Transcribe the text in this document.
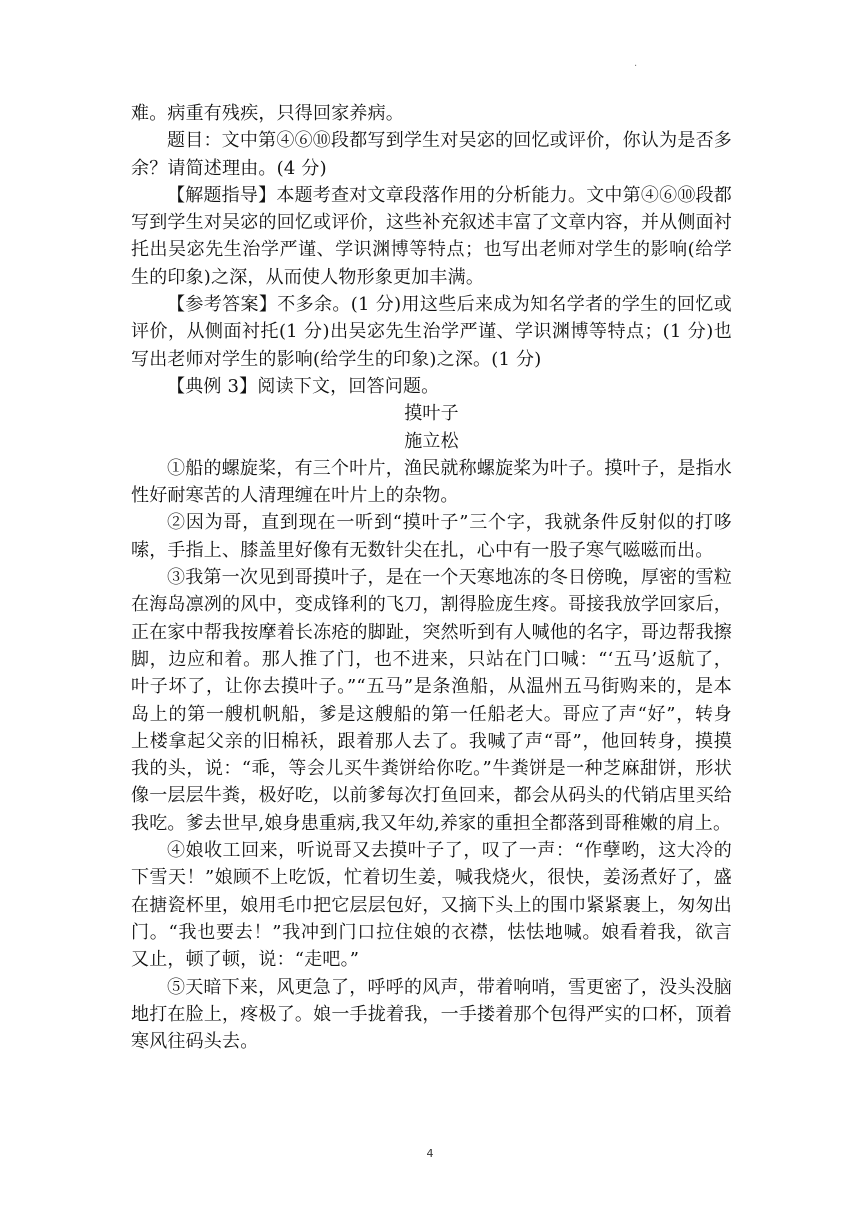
.

难。病重有残疾，只得回家养病。

题目：文中第④⑥⑩段都写到学生对吴宓的回忆或评价，你认为是否多余？请简述理由。(4 分)

【解题指导】本题考查对文章段落作用的分析能力。文中第④⑥⑩段都写到学生对吴宓的回忆或评价，这些补充叙述丰富了文章内容，并从侧面衬托出吴宓先生治学严谨、学识渊博等特点；也写出老师对学生的影响(给学生的印象)之深，从而使人物形象更加丰满。

【参考答案】不多余。(1 分)用这些后来成为知名学者的学生的回忆或评价，从侧面衬托(1 分)出吴宓先生治学严谨、学识渊博等特点；(1 分)也写出老师对学生的影响(给学生的印象)之深。(1 分)

【典例 3】阅读下文，回答问题。

摸叶子

施立松

①船的螺旋桨，有三个叶片，渔民就称螺旋桨为叶子。摸叶子，是指水性好耐寒苦的人清理缠在叶片上的杂物。

②因为哥，直到现在一听到“摸叶子”三个字，我就条件反射似的打哆嗦，手指上、膝盖里好像有无数针尖在扎，心中有一股子寒气嗞嗞而出。

③我第一次见到哥摸叶子，是在一个天寒地冻的冬日傍晚，厚密的雪粒在海岛凛冽的风中，变成锋利的飞刀，割得脸庞生疼。哥接我放学回家后，正在家中帮我按摩着长冻疮的脚趾，突然听到有人喊他的名字，哥边帮我擦脚，边应和着。那人推了门，也不进来，只站在门口喊：“‘五马’返航了，叶子坏了，让你去摸叶子。”“五马”是条渔船，从温州五马街购来的，是本岛上的第一艘机帆船，爹是这艘船的第一任船老大。哥应了声“好”，转身上楼拿起父亲的旧棉袄，跟着那人去了。我喊了声“哥”，他回转身，摸摸我的头，说：“乖，等会儿买牛粪饼给你吃。”牛粪饼是一种芝麻甜饼，形状像一层层牛粪，极好吃，以前爹每次打鱼回来，都会从码头的代销店里买给我吃。爹去世早,娘身患重病,我又年幼,养家的重担全都落到哥稚嫩的肩上。

④娘收工回来，听说哥又去摸叶子了，叹了一声：“作孽哟，这大冷的下雪天！”娘顾不上吃饭，忙着切生姜，喊我烧火，很快，姜汤煮好了，盛在搪瓷杯里，娘用毛巾把它层层包好，又摘下头上的围巾紧紧裹上，匆匆出门。“我也要去！”我冲到门口拉住娘的衣襟，怯怯地喊。娘看着我，欲言又止，顿了顿，说：“走吧。”

⑤天暗下来，风更急了，呼呼的风声，带着响哨，雪更密了，没头没脑地打在脸上，疼极了。娘一手拢着我，一手搂着那个包得严实的口杯，顶着寒风往码头去。

4
